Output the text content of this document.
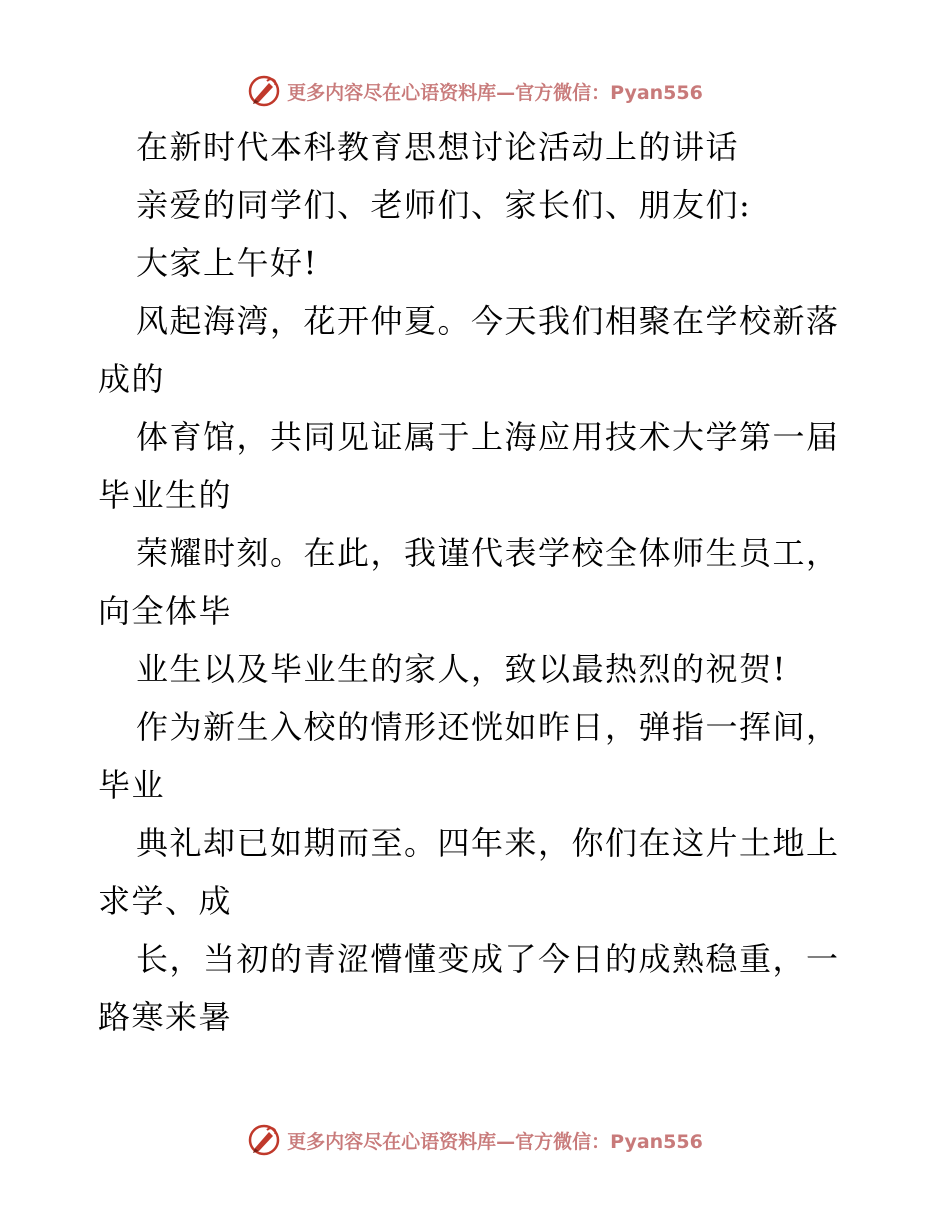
更多内容尽在心语资料库—官方微信：Pyan556
在新时代本科教育思想讨论活动上的讲话
亲爱的同学们、老师们、家长们、朋友们:
大家上午好!
风起海湾，花开仲夏。今天我们相聚在学校新落
成的
体育馆，共同见证属于上海应用技术大学第一届
毕业生的
荣耀时刻。在此，我谨代表学校全体师生员工，
向全体毕
业生以及毕业生的家人，致以最热烈的祝贺!
作为新生入校的情形还恍如昨日，弹指一挥间，
毕业
典礼却已如期而至。四年来，你们在这片土地上
求学、成
长，当初的青涩懵懂变成了今日的成熟稳重，一
路寒来暑
更多内容尽在心语资料库—官方微信：Pyan556
